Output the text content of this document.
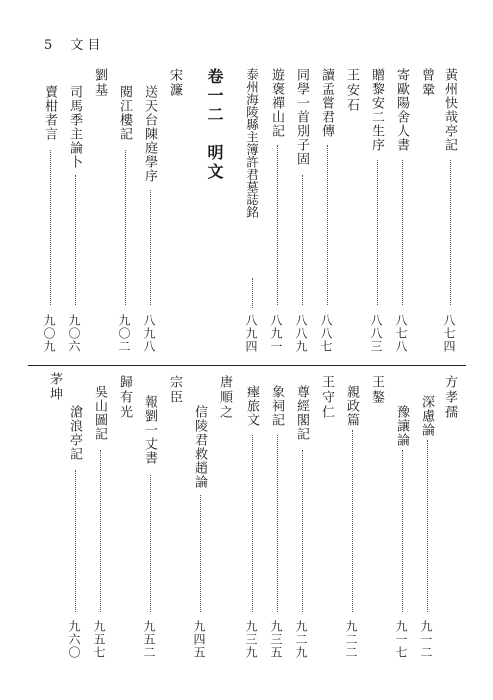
5 文目
曾鞏 黃州快哉亭記
八七四
寄歐陽舍人書
八七八
贈黎安二生序
八八三
王安石
讀孟嘗君傳
八八七
同學一首別子固
八八九
遊褒禪山記
八九一
泰州海陵縣主簿許君墓誌銘
八九四
卷一二　明文
宋濂
送天台陳庭學序
八九八
閱江樓記
九〇二
劉基
司馬季主論卜
九〇六
賣柑者言
九〇九
方孝孺
深慮論
九一二
豫讓論
九一七
王鏊
親政篇
九二二
王守仁
尊經閣記
九二九
象祠記
九三五
瘞旅文
九三九
唐順之
信陵君救趙論
九四五
宗臣
報劉一丈書
九五二
歸有光
吳山圖記
九五七
茅坤
滄浪亭記
九六〇
